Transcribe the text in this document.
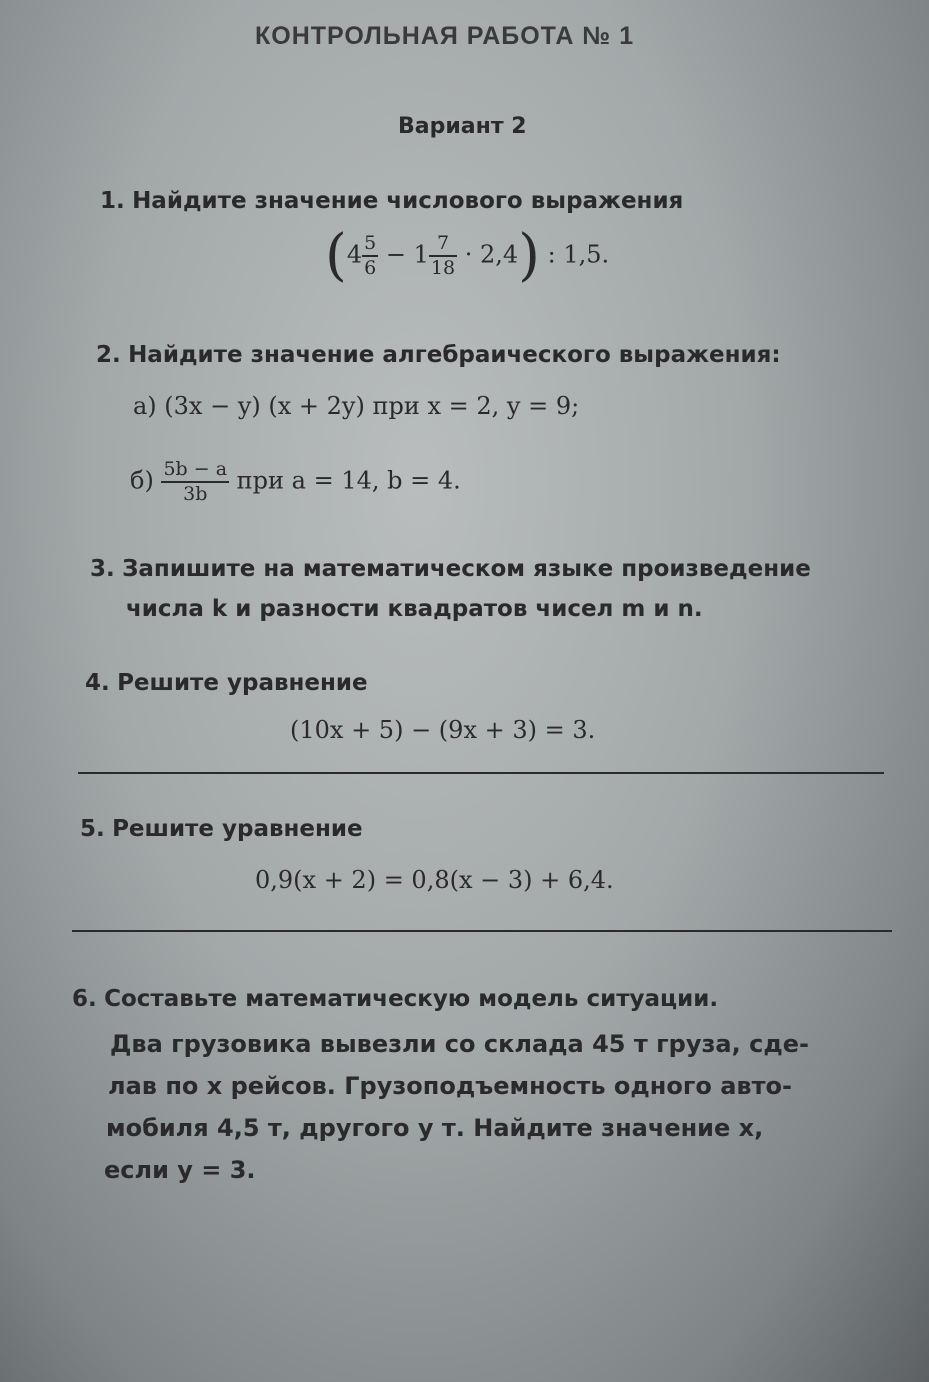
КОНТРОЛЬНАЯ РАБОТА № 1
Вариант 2
1. Найдите значение числового выражения
$(4 \frac{5}{6} - 1 \frac{7}{18} \cdot 2,4)$ : 1,5.
2. Найдите значение алгебраического выражения:
а) (3x − y) (x + 2y) при x = 2, y = 9;
$б) \frac{5b - a}{3b}$ при a = 14, b = 4.
3. Запишите на математическом языке произведение
числа k и разности квадратов чисел m и n.
4. Решите уравнение
(10x + 5) − (9x + 3) = 3.
5. Решите уравнение
0,9(x + 2) = 0,8(x − 3) + 6,4.
6. Составьте математическую модель ситуации.
Два грузовика вывезли со склада 45 т груза, сде-
лав по x рейсов. Грузоподъемность одного авто-
мобиля 4,5 т, другого y т. Найдите значение x,
если y = 3.
